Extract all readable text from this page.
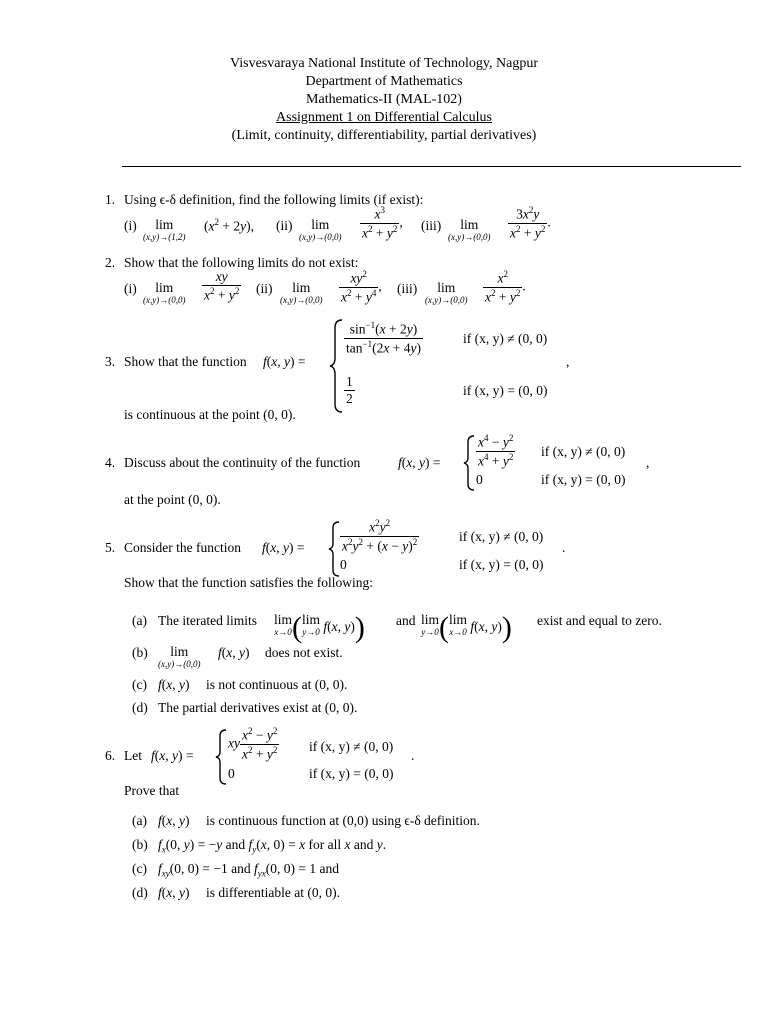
Visvesvaraya National Institute of Technology, Nagpur
Department of Mathematics
Mathematics-II (MAL-102)
Assignment 1 on Differential Calculus
(Limit, continuity, differentiability, partial derivatives)
1. Using ϵ-δ definition, find the following limits (if exist):
(i)	lim
(x,y)→(1,2)
$(x^2 + 2y)$, (ii)	lim
$(x,y)\to(0,0) \frac{x^3}{x^2 + y^2}$ , (iii)	lim
$(x,y)\to(0,0) \frac{3x^2y}{x^2 + y^2}$ .
2. Show that the following limits do not exist:
(i)	lim
$(x,y)\to(0,0) \frac{xy}{x^2 + y^2} (ii)$	lim
$(x,y)\to(0,0) \frac{xy^2}{x^2 + y^4}$ , (iii)	lim
$(x,y)\to(0,0) \frac{x^2}{x^2 + y^2}$ .
3. Show that the function f(x, y) =
$\frac{\sin^{-1}(x + 2y)}{\tan^{-1}(2x + 4y)}$	if (x, y) ≠ (0, 0)
,
$\frac{1}{2}$	if (x, y) = (0, 0)
is continuous at the point (0, 0).
4. Discuss about the continuity of the function	f(x, y) =	$\frac{x^4 - y^2}{x^4 + y^2}$ if (x, y) ≠ (0, 0)
,
0	if (x, y) = (0, 0)
at the point (0, 0).
5. Consider the function f(x, y) =	$\frac{x^2y^2}{x^2y^2 + (x - y)^2}$	if (x, y) ≠ (0, 0)
.
0	if (x, y) = (0, 0)
Show that the function satisfies the following:
(a) The iterated limits lim
x→0 (lim
y→0 f(x, y)) and lim
y→0 (lim
x→0 f(x, y)) exist and equal to zero.
(b)	lim
(x,y)→(0,0)
f(x, y) does not exist.
(c) f(x, y) is not continuous at (0, 0).
(d) The partial derivatives exist at (0, 0).
6. Let f(x, y) =
xy $\frac{x^2 - y^2}{x^2 + y^2}$ if (x, y) ≠ (0, 0)
.
0	if (x, y) = (0, 0)
Prove that
(a) f(x, y) is continuous function at (0,0) using ϵ-δ definition.
(b) $f_x(0$, y) = −y and $f_y(x$, 0) = x for all x and y.
(c) $f_{xy}(0$, 0) = −1 and $f_{yx}(0$, 0) = 1 and
(d) f(x, y) is differentiable at (0, 0).
